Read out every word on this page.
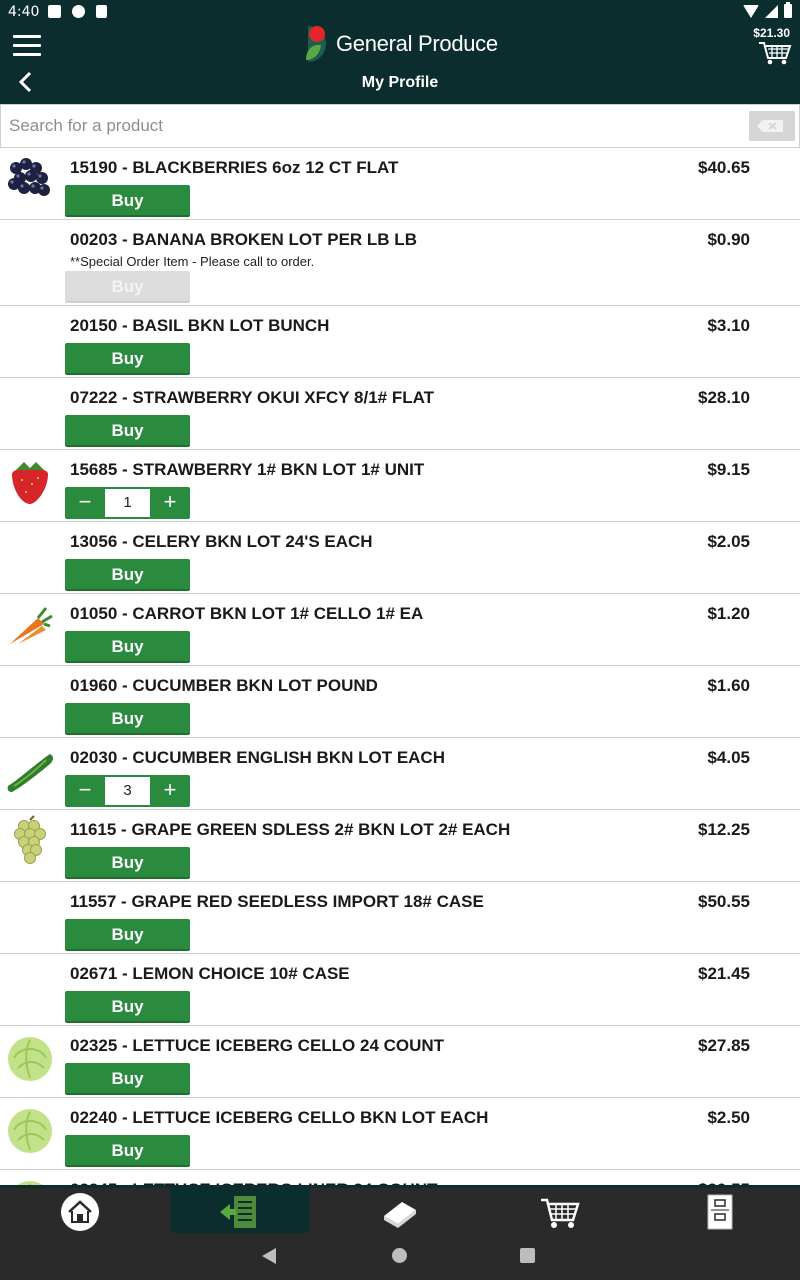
4:40
General Produce	$21.30
My Profile
Search for a product
15190 - BLACKBERRIES 6oz 12 CT FLAT	$40.65
Buy
00203 - BANANA BROKEN LOT PER LB LB	$0.90
**Special Order Item - Please call to order.
Buy
20150 - BASIL BKN LOT BUNCH	$3.10
Buy
07222 - STRAWBERRY OKUI XFCY 8/1# FLAT	$28.10
Buy
15685 - STRAWBERRY 1# BKN LOT 1# UNIT	$9.15
−	1	+
13056 - CELERY BKN LOT 24'S EACH	$2.05
Buy
01050 - CARROT BKN LOT 1# CELLO 1# EA	$1.20
Buy
01960 - CUCUMBER BKN LOT POUND	$1.60
Buy
02030 - CUCUMBER ENGLISH BKN LOT EACH	$4.05
−	3	+
11615 - GRAPE GREEN SDLESS 2# BKN LOT 2# EACH	$12.25
Buy
11557 - GRAPE RED SEEDLESS IMPORT 18# CASE	$50.55
Buy
02671 - LEMON CHOICE 10# CASE	$21.45
Buy
02325 - LETTUCE ICEBERG CELLO 24 COUNT	$27.85
Buy
02240 - LETTUCE ICEBERG CELLO BKN LOT EACH	$2.50
Buy
